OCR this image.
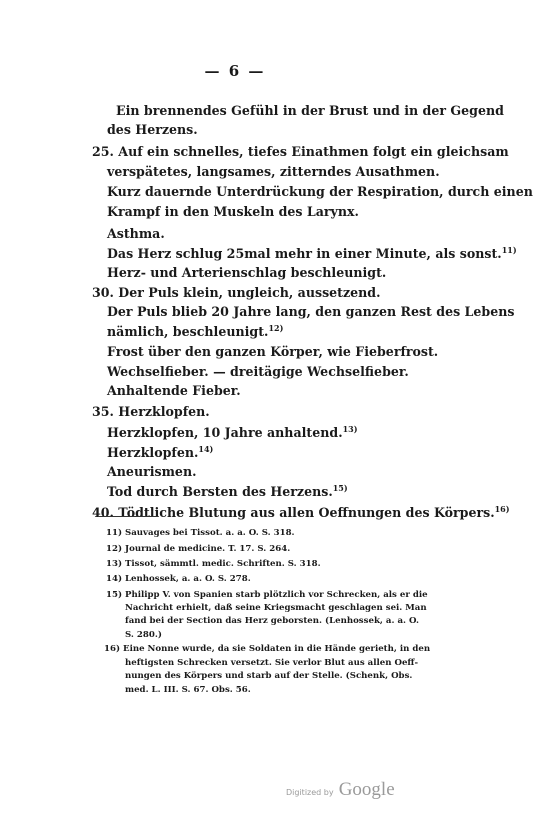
— 6 —
Ein brennendes Gefühl in der Brust und in der Gegend
des Herzens.
25. Auf ein schnelles, tiefes Einathmen folgt ein gleichsam
verspätetes, langsames, zitterndes Ausathmen.
Kurz dauernde Unterdrückung der Respiration, durch einen
Krampf in den Muskeln des Larynx.
Asthma.
Das Herz schlug 25mal mehr in einer Minute, als sonst.$^{11)}$
Herz- und Arterienschlag beschleunigt.
30. Der Puls klein, ungleich, aussetzend.
Der Puls blieb 20 Jahre lang, den ganzen Rest des Lebens
nämlich, beschleunigt.$^{12)}$
Frost über den ganzen Körper, wie Fieberfrost.
Wechselfieber. — dreitägige Wechselfieber.
Anhaltende Fieber.
35. Herzklopfen.
Herzklopfen, 10 Jahre anhaltend.$^{13)}$
Herzklopfen.$^{14)}$
Aneurismen.
Tod durch Bersten des Herzens.$^{15)}$
40. Tödtliche Blutung aus allen Oeffnungen des Körpers.$^{16)}$
11) Sauvages bei Tissot. a. a. O. S. 318.
12) Journal de medicine. T. 17. S. 264.
13) Tissot, sämmtl. medic. Schriften. S. 318.
14) Lenhossek, a. a. O. S. 278.
15) Philipp V. von Spanien starb plötzlich vor Schrecken, als er die
Nachricht erhielt, daß seine Kriegsmacht geschlagen sei. Man
fand bei der Section das Herz geborsten. (Lenhossek, a. a. O.
S. 280.)
16) Eine Nonne wurde, da sie Soldaten in die Hände gerieth, in den
heftigsten Schrecken versetzt. Sie verlor Blut aus allen Oeff-
nungen des Körpers und starb auf der Stelle. (Schenk, Obs.
med. L. III. S. 67. Obs. 56.
Digitized by Google
